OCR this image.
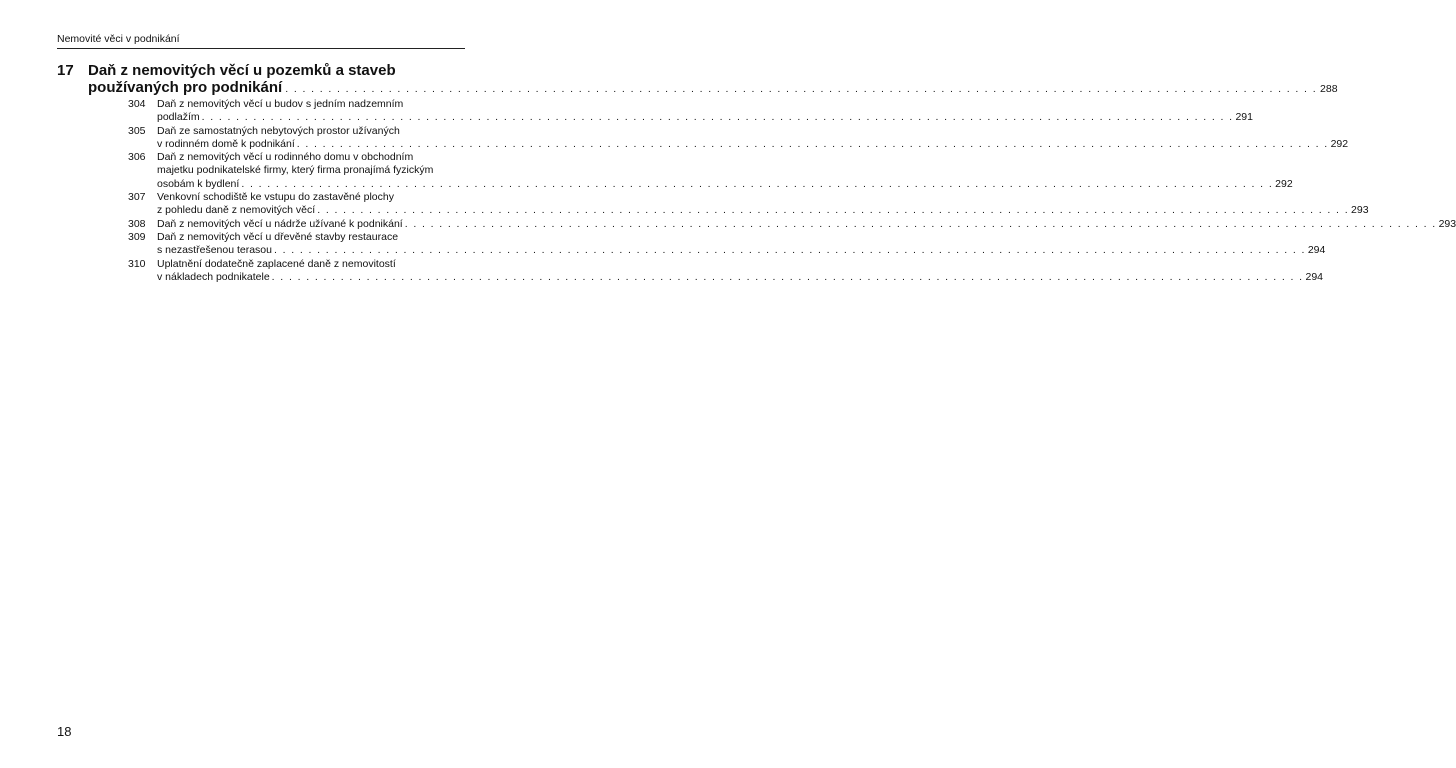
Nemovité věci v podnikání
17 Daň z nemovitých věcí u pozemků a staveb
používaných pro podnikání . . . . . . . . . . . . . . . . . . . . . . . . . . . . . . . . . . . . . . . . . . . . . . . . . . . . . . . . . . . . . . . . . . . . . . . . . . . . . . . . . . . . . . . . . . . . . . . . . . . . . . . . . . . . . . . . . . . . . . . . 288
304 Daň z nemovitých věcí u budov s jedním nadzemním
podlažím . . . . . . . . . . . . . . . . . . . . . . . . . . . . . . . . . . . . . . . . . . . . . . . . . . . . . . . . . . . . . . . . . . . . . . . . . . . . . . . . . . . . . . . . . . . . . . . . . . . . . . . . . . . . . . . . . . . . . . . . 291
305 Daň ze samostatných nebytových prostor užívaných
v rodinném domě k podnikání . . . . . . . . . . . . . . . . . . . . . . . . . . . . . . . . . . . . . . . . . . . . . . . . . . . . . . . . . . . . . . . . . . . . . . . . . . . . . . . . . . . . . . . . . . . . . . . . . . . . . . . . . . . . . . . . . . . . . . . . 292
306 Daň z nemovitých věcí u rodinného domu v obchodním
majetku podnikatelské firmy, který firma pronajímá fyzickým
osobám k bydlení . . . . . . . . . . . . . . . . . . . . . . . . . . . . . . . . . . . . . . . . . . . . . . . . . . . . . . . . . . . . . . . . . . . . . . . . . . . . . . . . . . . . . . . . . . . . . . . . . . . . . . . . . . . . . . . . . . . . . . . . 292
307 Venkovní schodiště ke vstupu do zastavěné plochy
z pohledu daně z nemovitých věcí . . . . . . . . . . . . . . . . . . . . . . . . . . . . . . . . . . . . . . . . . . . . . . . . . . . . . . . . . . . . . . . . . . . . . . . . . . . . . . . . . . . . . . . . . . . . . . . . . . . . . . . . . . . . . . . . . . . . . . . . 293
308 Daň z nemovitých věcí u nádrže užívané k podnikání . . . . . . . . . . . . . . . . . . . . . . . . . . . . . . . . . . . . . . . . . . . . . . . . . . . . . . . . . . . . . . . . . . . . . . . . . . . . . . . . . . . . . . . . . . . . . . . . . . . . . . . . . . . . . . . . . . . . . . . . 293
309 Daň z nemovitých věcí u dřevěné stavby restaurace
s nezastřešenou terasou . . . . . . . . . . . . . . . . . . . . . . . . . . . . . . . . . . . . . . . . . . . . . . . . . . . . . . . . . . . . . . . . . . . . . . . . . . . . . . . . . . . . . . . . . . . . . . . . . . . . . . . . . . . . . . . . . . . . . . . . 294
310 Uplatnění dodatečně zaplacené daně z nemovitostí
v nákladech podnikatele . . . . . . . . . . . . . . . . . . . . . . . . . . . . . . . . . . . . . . . . . . . . . . . . . . . . . . . . . . . . . . . . . . . . . . . . . . . . . . . . . . . . . . . . . . . . . . . . . . . . . . . . . . . . . . . . . . . . . . . . 294
18
